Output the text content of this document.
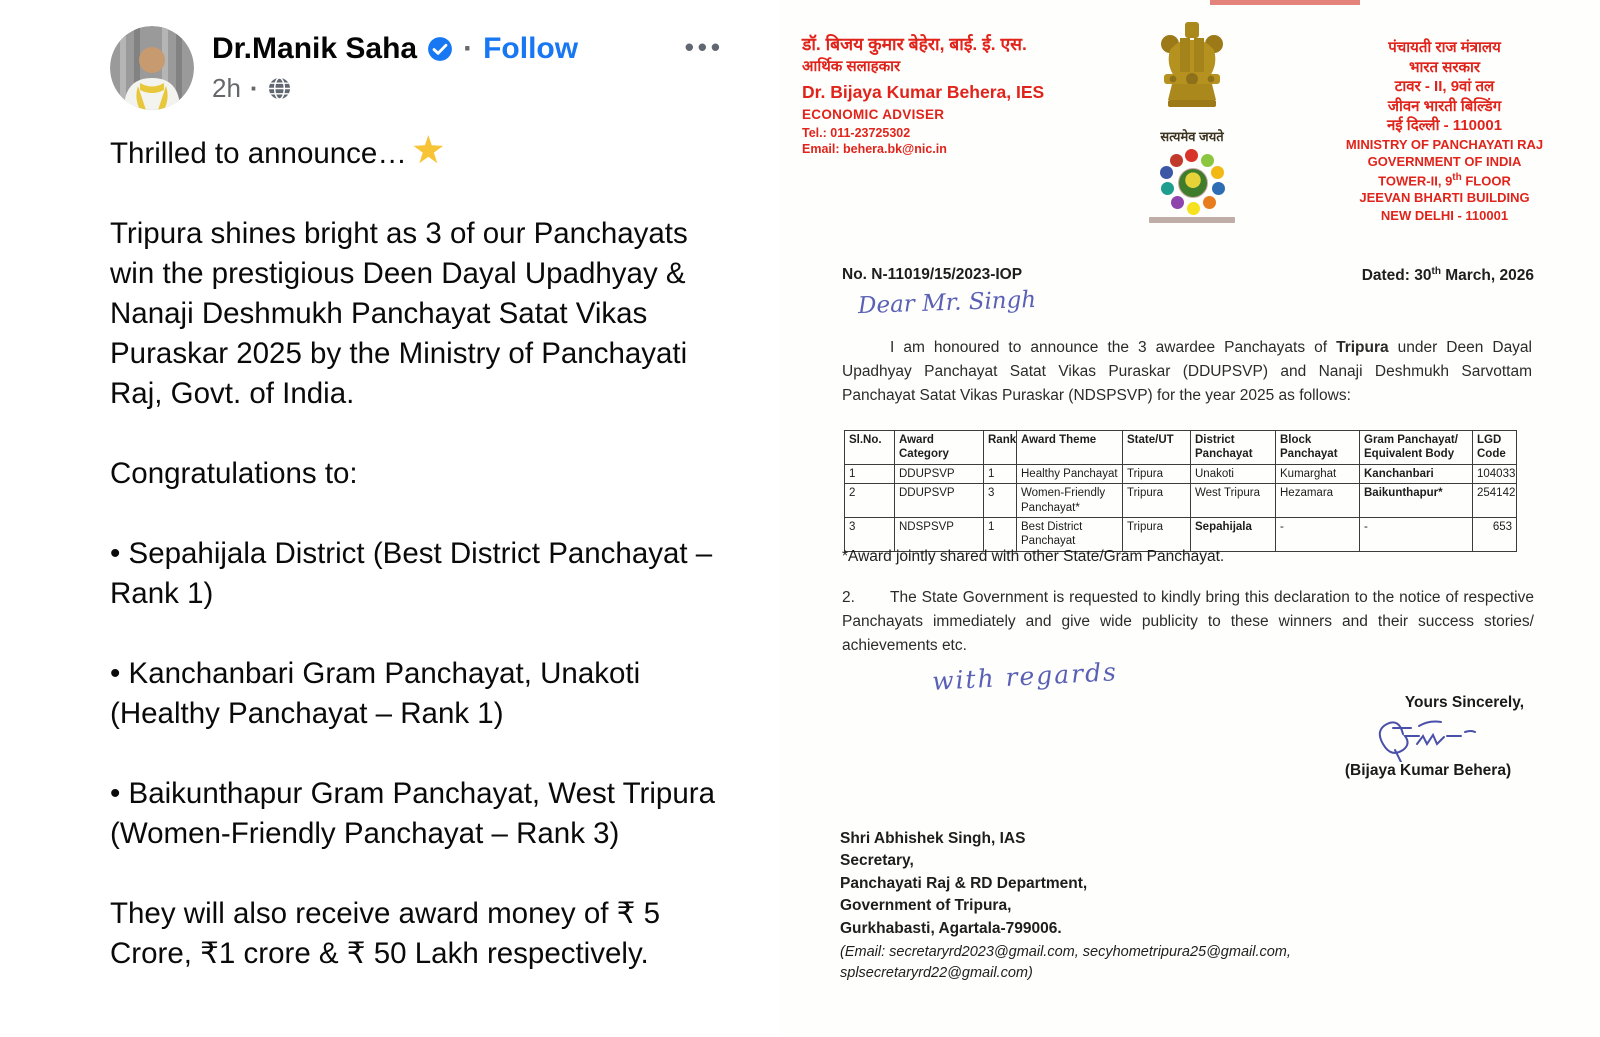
Dr.Manik Saha · Follow
2h ·
•••

Thrilled to announce…

Tripura shines bright as 3 of our Panchayats win the prestigious Deen Dayal Upadhyay & Nanaji Deshmukh Panchayat Satat Vikas Puraskar 2025 by the Ministry of Panchayati Raj, Govt. of India.

Congratulations to:

• Sepahijala District (Best District Panchayat – Rank 1)

• Kanchanbari Gram Panchayat, Unakoti (Healthy Panchayat – Rank 1)

• Baikunthapur Gram Panchayat, West Tripura (Women-Friendly Panchayat – Rank 3)

They will also receive award money of ₹ 5 Crore, ₹1 crore & ₹ 50 Lakh respectively.

डॉ. बिजय कुमार बेहेरा, बाई. ई. एस.
आर्थिक सलाहकार
Dr. Bijaya Kumar Behera, IES
ECONOMIC ADVISER
Tel.: 011-23725302
Email: behera.bk@nic.in
सत्यमेव जयते
पंचायती राज मंत्रालय
भारत सरकार
टावर - II, 9वां तल
जीवन भारती बिल्डिंग
नई दिल्ली - 110001
MINISTRY OF PANCHAYATI RAJ
GOVERNMENT OF INDIA
TOWER-II, 9th FLOOR
JEEVAN BHARTI BUILDING
NEW DELHI - 110001
No. N-11019/15/2023-IOP	Dated: 30th March, 2026
Dear Mr. Singh
I am honoured to announce the 3 awardee Panchayats of Tripura under Deen Dayal Upadhyay Panchayat Satat Vikas Puraskar (DDUPSVP) and Nanaji Deshmukh Sarvottam Panchayat Satat Vikas Puraskar (NDSPSVP) for the year 2025 as follows:
Sl.No.	Award Category	Rank	Award Theme	State/UT	District Panchayat	Block Panchayat	Gram Panchayat/ Equivalent Body	LGD Code
1	DDUPSVP	1	Healthy Panchayat	Tripura	Unakoti	Kumarghat	Kanchanbari	104033
2	DDUPSVP	3	Women-Friendly Panchayat*	Tripura	West Tripura	Hezamara	Baikunthapur*	254142
3	NDSPSVP	1	Best District Panchayat	Tripura	Sepahijala	-	-	653
*Award jointly shared with other State/Gram Panchayat.
2. The State Government is requested to kindly bring this declaration to the notice of respective Panchayats immediately and give wide publicity to these winners and their success stories/ achievements etc.
with regards
Yours Sincerely,
(Bijaya Kumar Behera)
Shri Abhishek Singh, IAS
Secretary,
Panchayati Raj & RD Department,
Government of Tripura,
Gurkhabasti, Agartala-799006.
(Email: secretaryrd2023@gmail.com, secyhometripura25@gmail.com, splsecretaryrd22@gmail.com)
